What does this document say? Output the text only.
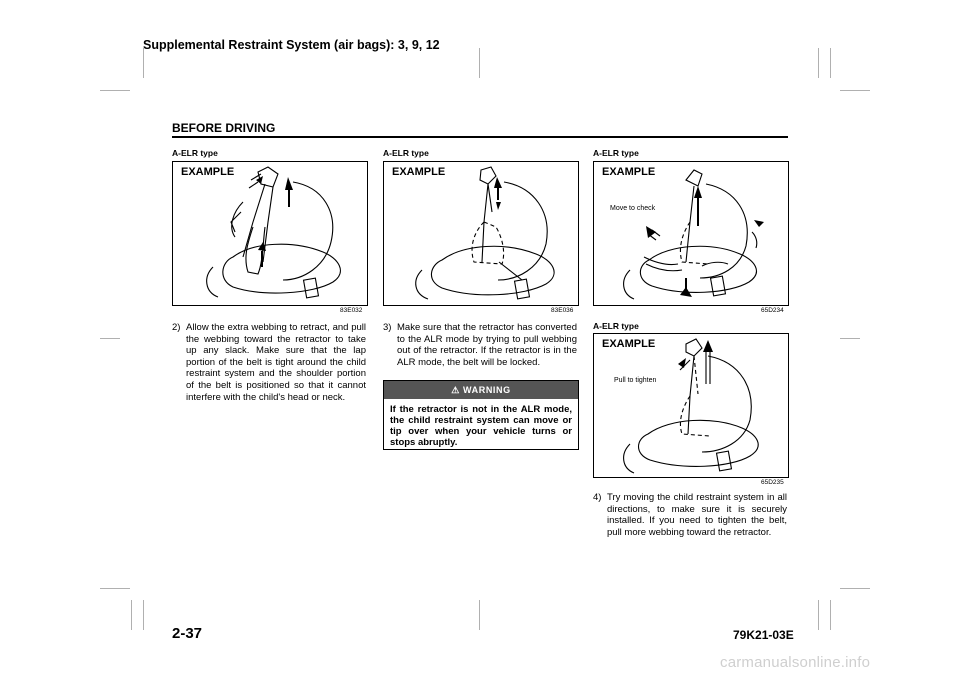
Supplemental Restraint System (air bags): 3, 9, 12
BEFORE DRIVING
A-ELR type
EXAMPLE
83E032
2) Allow the extra webbing to retract, and pull the webbing toward the retractor to take up any slack. Make sure that the lap portion of the belt is tight around the child restraint system and the shoulder portion of the belt is positioned so that it cannot interfere with the child's head or neck.
A-ELR type
EXAMPLE
83E036
3) Make sure that the retractor has converted to the ALR mode by trying to pull webbing out of the retractor. If the retractor is in the ALR mode, the belt will be locked.
⚠ WARNING
If the retractor is not in the ALR mode, the child restraint system can move or tip over when your vehicle turns or stops abruptly.
A-ELR type
EXAMPLE
Move to check
65D234
A-ELR type
EXAMPLE
Pull to tighten
65D235
4) Try moving the child restraint system in all directions, to make sure it is securely installed. If you need to tighten the belt, pull more webbing toward the retractor.
2-37	79K21-03E
carmanualsonline.info
